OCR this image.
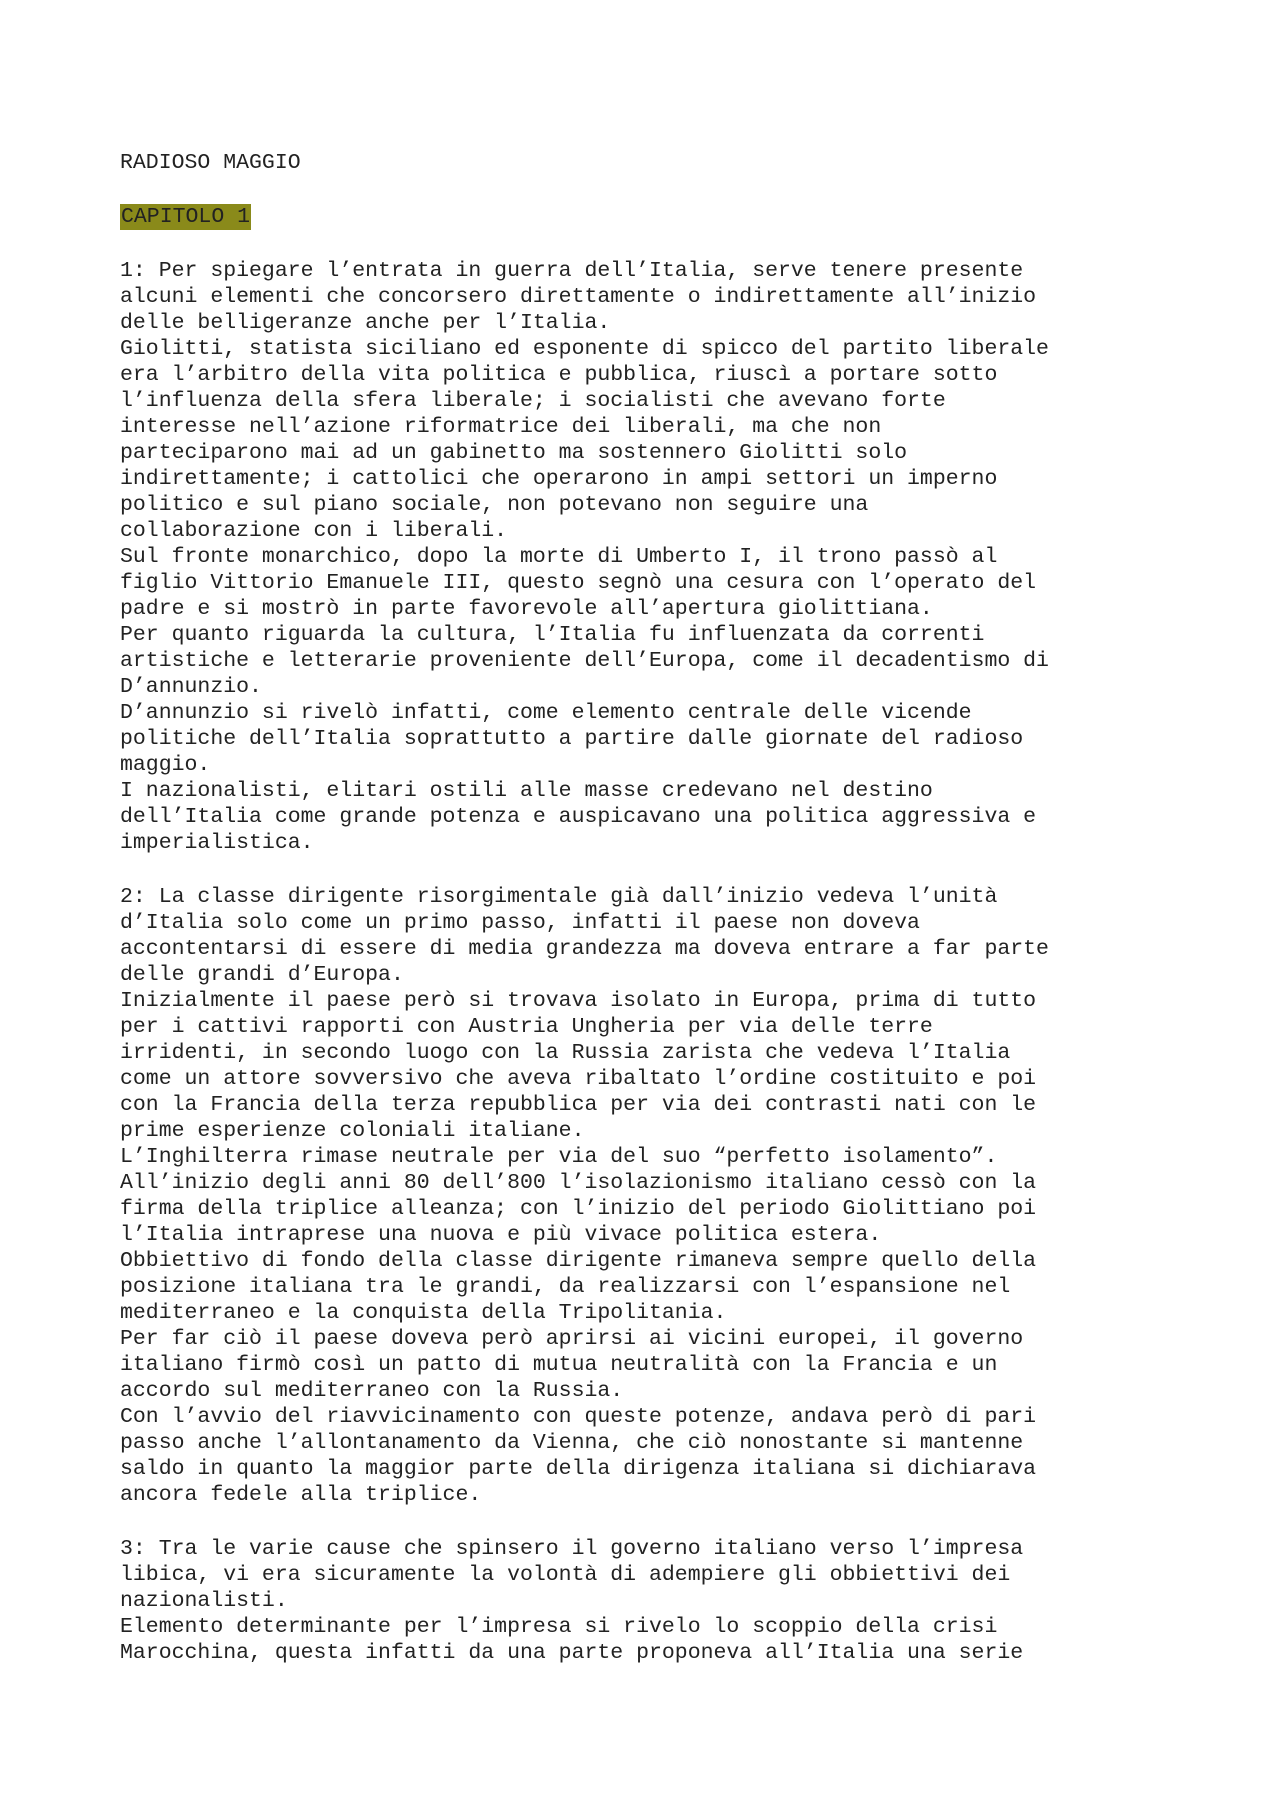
RADIOSO MAGGIO
CAPITOLO 1
1: Per spiegare l’entrata in guerra dell’Italia, serve tenere presente
alcuni elementi che concorsero direttamente o indirettamente all’inizio
delle belligeranze anche per l’Italia.
Giolitti, statista siciliano ed esponente di spicco del partito liberale
era l’arbitro della vita politica e pubblica, riuscì a portare sotto
l’influenza della sfera liberale; i socialisti che avevano forte
interesse nell’azione riformatrice dei liberali, ma che non
parteciparono mai ad un gabinetto ma sostennero Giolitti solo
indirettamente; i cattolici che operarono in ampi settori un imperno
politico e sul piano sociale, non potevano non seguire una
collaborazione con i liberali.
Sul fronte monarchico, dopo la morte di Umberto I, il trono passò al
figlio Vittorio Emanuele III, questo segnò una cesura con l’operato del
padre e si mostrò in parte favorevole all’apertura giolittiana.
Per quanto riguarda la cultura, l’Italia fu influenzata da correnti
artistiche e letterarie proveniente dell’Europa, come il decadentismo di
D’annunzio.
D’annunzio si rivelò infatti, come elemento centrale delle vicende
politiche dell’Italia soprattutto a partire dalle giornate del radioso
maggio.
I nazionalisti, elitari ostili alle masse credevano nel destino
dell’Italia come grande potenza e auspicavano una politica aggressiva e
imperialistica.
2: La classe dirigente risorgimentale già dall’inizio vedeva l’unità
d’Italia solo come un primo passo, infatti il paese non doveva
accontentarsi di essere di media grandezza ma doveva entrare a far parte
delle grandi d’Europa.
Inizialmente il paese però si trovava isolato in Europa, prima di tutto
per i cattivi rapporti con Austria Ungheria per via delle terre
irridenti, in secondo luogo con la Russia zarista che vedeva l’Italia
come un attore sovversivo che aveva ribaltato l’ordine costituito e poi
con la Francia della terza repubblica per via dei contrasti nati con le
prime esperienze coloniali italiane.
L’Inghilterra rimase neutrale per via del suo “perfetto isolamento”.
All’inizio degli anni 80 dell’800 l’isolazionismo italiano cessò con la
firma della triplice alleanza; con l’inizio del periodo Giolittiano poi
l’Italia intraprese una nuova e più vivace politica estera.
Obbiettivo di fondo della classe dirigente rimaneva sempre quello della
posizione italiana tra le grandi, da realizzarsi con l’espansione nel
mediterraneo e la conquista della Tripolitania.
Per far ciò il paese doveva però aprirsi ai vicini europei, il governo
italiano firmò così un patto di mutua neutralità con la Francia e un
accordo sul mediterraneo con la Russia.
Con l’avvio del riavvicinamento con queste potenze, andava però di pari
passo anche l’allontanamento da Vienna, che ciò nonostante si mantenne
saldo in quanto la maggior parte della dirigenza italiana si dichiarava
ancora fedele alla triplice.
3: Tra le varie cause che spinsero il governo italiano verso l’impresa
libica, vi era sicuramente la volontà di adempiere gli obbiettivi dei
nazionalisti.
Elemento determinante per l’impresa si rivelo lo scoppio della crisi
Marocchina, questa infatti da una parte proponeva all’Italia una serie
